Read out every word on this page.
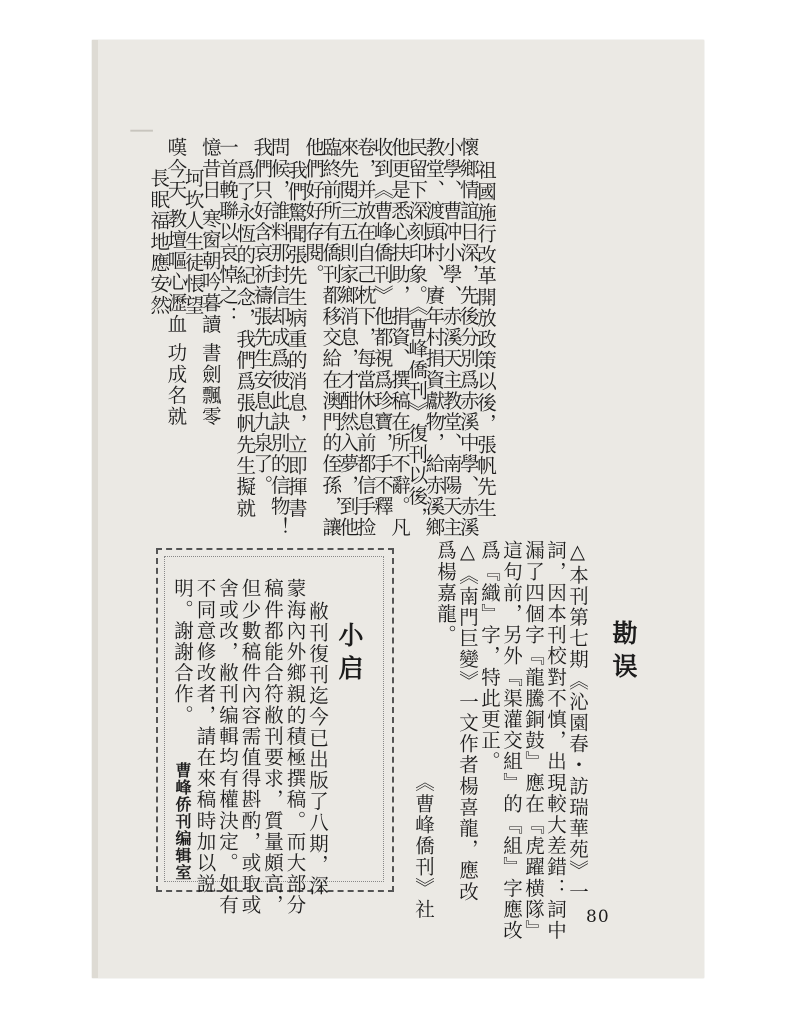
▏
祖國施行改革開放政策以後，張帆先生
懷鄉情誼日深，先後分別爲赤溪中學、赤溪
小學、曹冲小學、赤溪天主教堂、南陽天主
教堂、渡頭村、賡年村捐資獻物，給赤溪鄉
民留下深刻印象。《曹峰僑刊》復刊以後，
他更是悉心扶助，捐資、撰稿在所不辭。凡
收到《曹峰僑刊》他都視爲珍寶，手不釋
卷，并放在自己枕下，每當休息前都信手捡
來先閱三五則家鄉消息，才酣然入夢，到他
臨終前所有僑刊都移交給在澳門的侄孫，讓
他們好好存閱。
我們驚聞張先生病重的消息，立即揮書
問候，誰料那封信却成爲彼此訣別的信物！
我們只好含哀祈禱張先生安息九泉了。
爲了永恆的紀念，我們爲張帆先生擬就
一首輓聯以哀悼之：
憶昔日 寒窗朝吟暮讀 書劍飄零
坷坎人生徒悵望
嘆今天 教壇嘔心瀝血 功成名就
長眠福地應安然
勘误
△本刊第七期《沁園春・訪瑞華苑》一
詞，因本刊校對不慎，出現較大差錯：詞中
漏了四個字『龍騰銅鼓』應在『虎躍横隊』
這句前，另外『渠灌交組』的『組』字應改
爲『織』字，特此更正。
△《南門巨變》一文作者楊喜龍，應改
爲楊嘉龍。
《曹峰僑刊》社
小启
敝刊復刊迄今已出版了八期，深
蒙海內外鄉親的積極撰稿。而大部分
稿件都能合符敝刊要求，質量頗高，
但少數稿件內容需值得斟酌，或取或
舍或改，敝刊编輯均有權決定。如有
不同意修改者，請在來稿時加以説
明。謝謝合作。
曹峰侨刊编辑室
80
